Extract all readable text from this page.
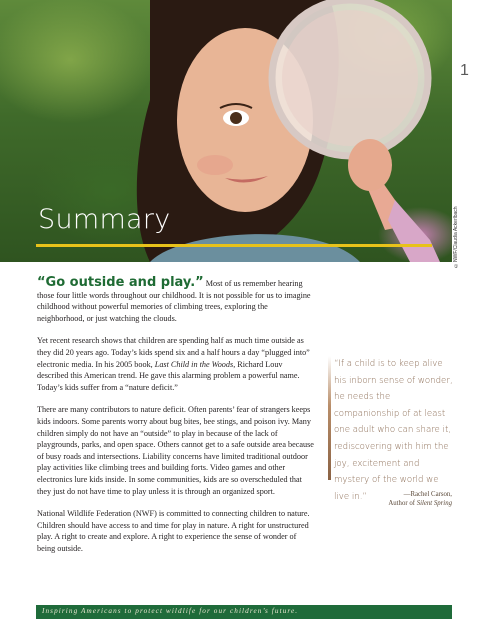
Summary	©NWF/Claudia Ackerlbach
1

“Go outside and play.” Most of us remember hearing those four little words throughout our childhood. It is not possible for us to imagine childhood without powerful memories of climbing trees, exploring the neighborhood, or just watching the clouds.

Yet recent research shows that children are spending half as much time outside as they did 20 years ago. Today’s kids spend six and a half hours a day “plugged into” electronic media. In his 2005 book, Last Child in the Woods, Richard Louv described this American trend. He gave this alarming problem a powerful name. Today’s kids suffer from a “nature deficit.”

There are many contributors to nature deficit. Often parents’ fear of strangers keeps kids indoors. Some parents worry about bug bites, bee stings, and poison ivy. Many children simply do not have an “outside” to play in because of the lack of playgrounds, parks, and open space. Others cannot get to a safe outside area because of busy roads and intersections. Liability concerns have limited traditional outdoor play activities like climbing trees and building forts. Video games and other electronics lure kids inside. In some communities, kids are so overscheduled that they just do not have time to play unless it is through an organized sport.

National Wildlife Federation (NWF) is committed to connecting children to nature. Children should have access to and time for play in nature. A right for unstructured play. A right to create and explore. A right to experience the sense of wonder of being outside.

“If a child is to keep alive his inborn sense of wonder, he needs the companionship of at least one adult who can share it, rediscovering with him the joy, excitement and mystery of the world we live in.”	—Rachel Carson,
Author of Silent Spring
Inspiring Americans to protect wildlife for our children’s future.
